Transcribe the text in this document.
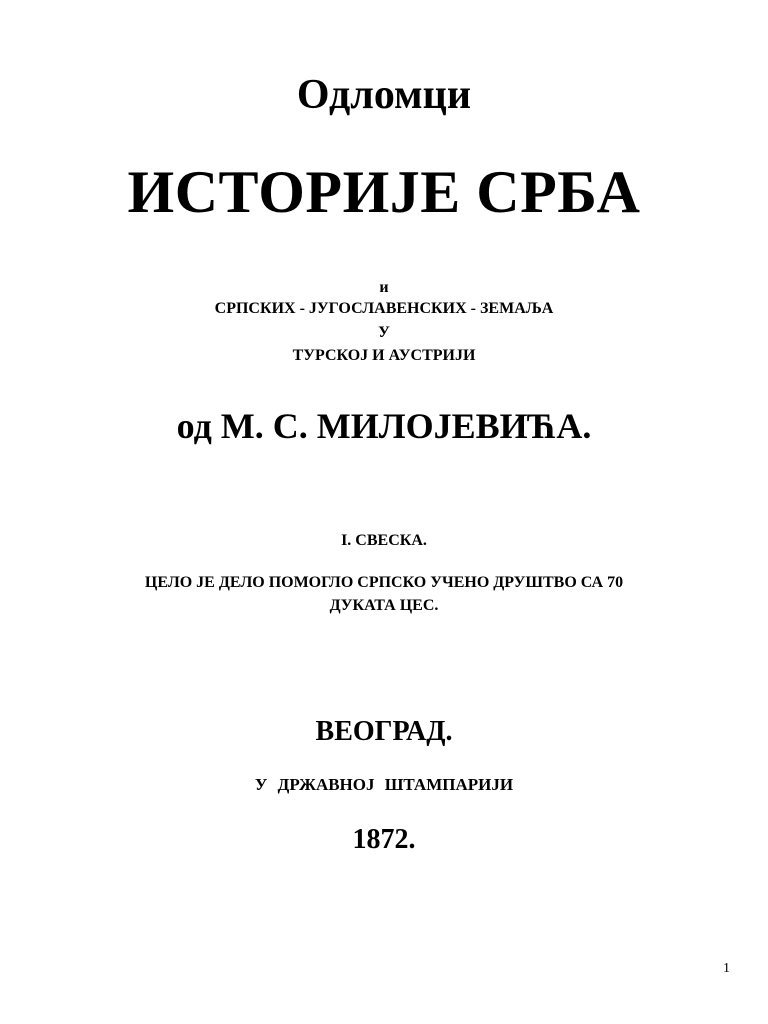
Одломци
ИСТОРИЈЕ СРБА
и
СРПСКИХ - ЈУГОСЛАВЕНСКИХ - ЗЕМАЉА
У
ТУРСКОЈ И АУСТРИЈИ
од М. С. МИЛОЈЕВИЋА.
I. СВЕСКА.
ЦЕЛО ЈЕ ДЕЛО ПОМОГЛО СРПСКО УЧЕНО ДРУШТВО СА 70
ДУКАТА ЦЕС.
ВЕОГРАД.
У ДРЖАВНОЈ ШТАМПАРИЈИ
1872.
1
